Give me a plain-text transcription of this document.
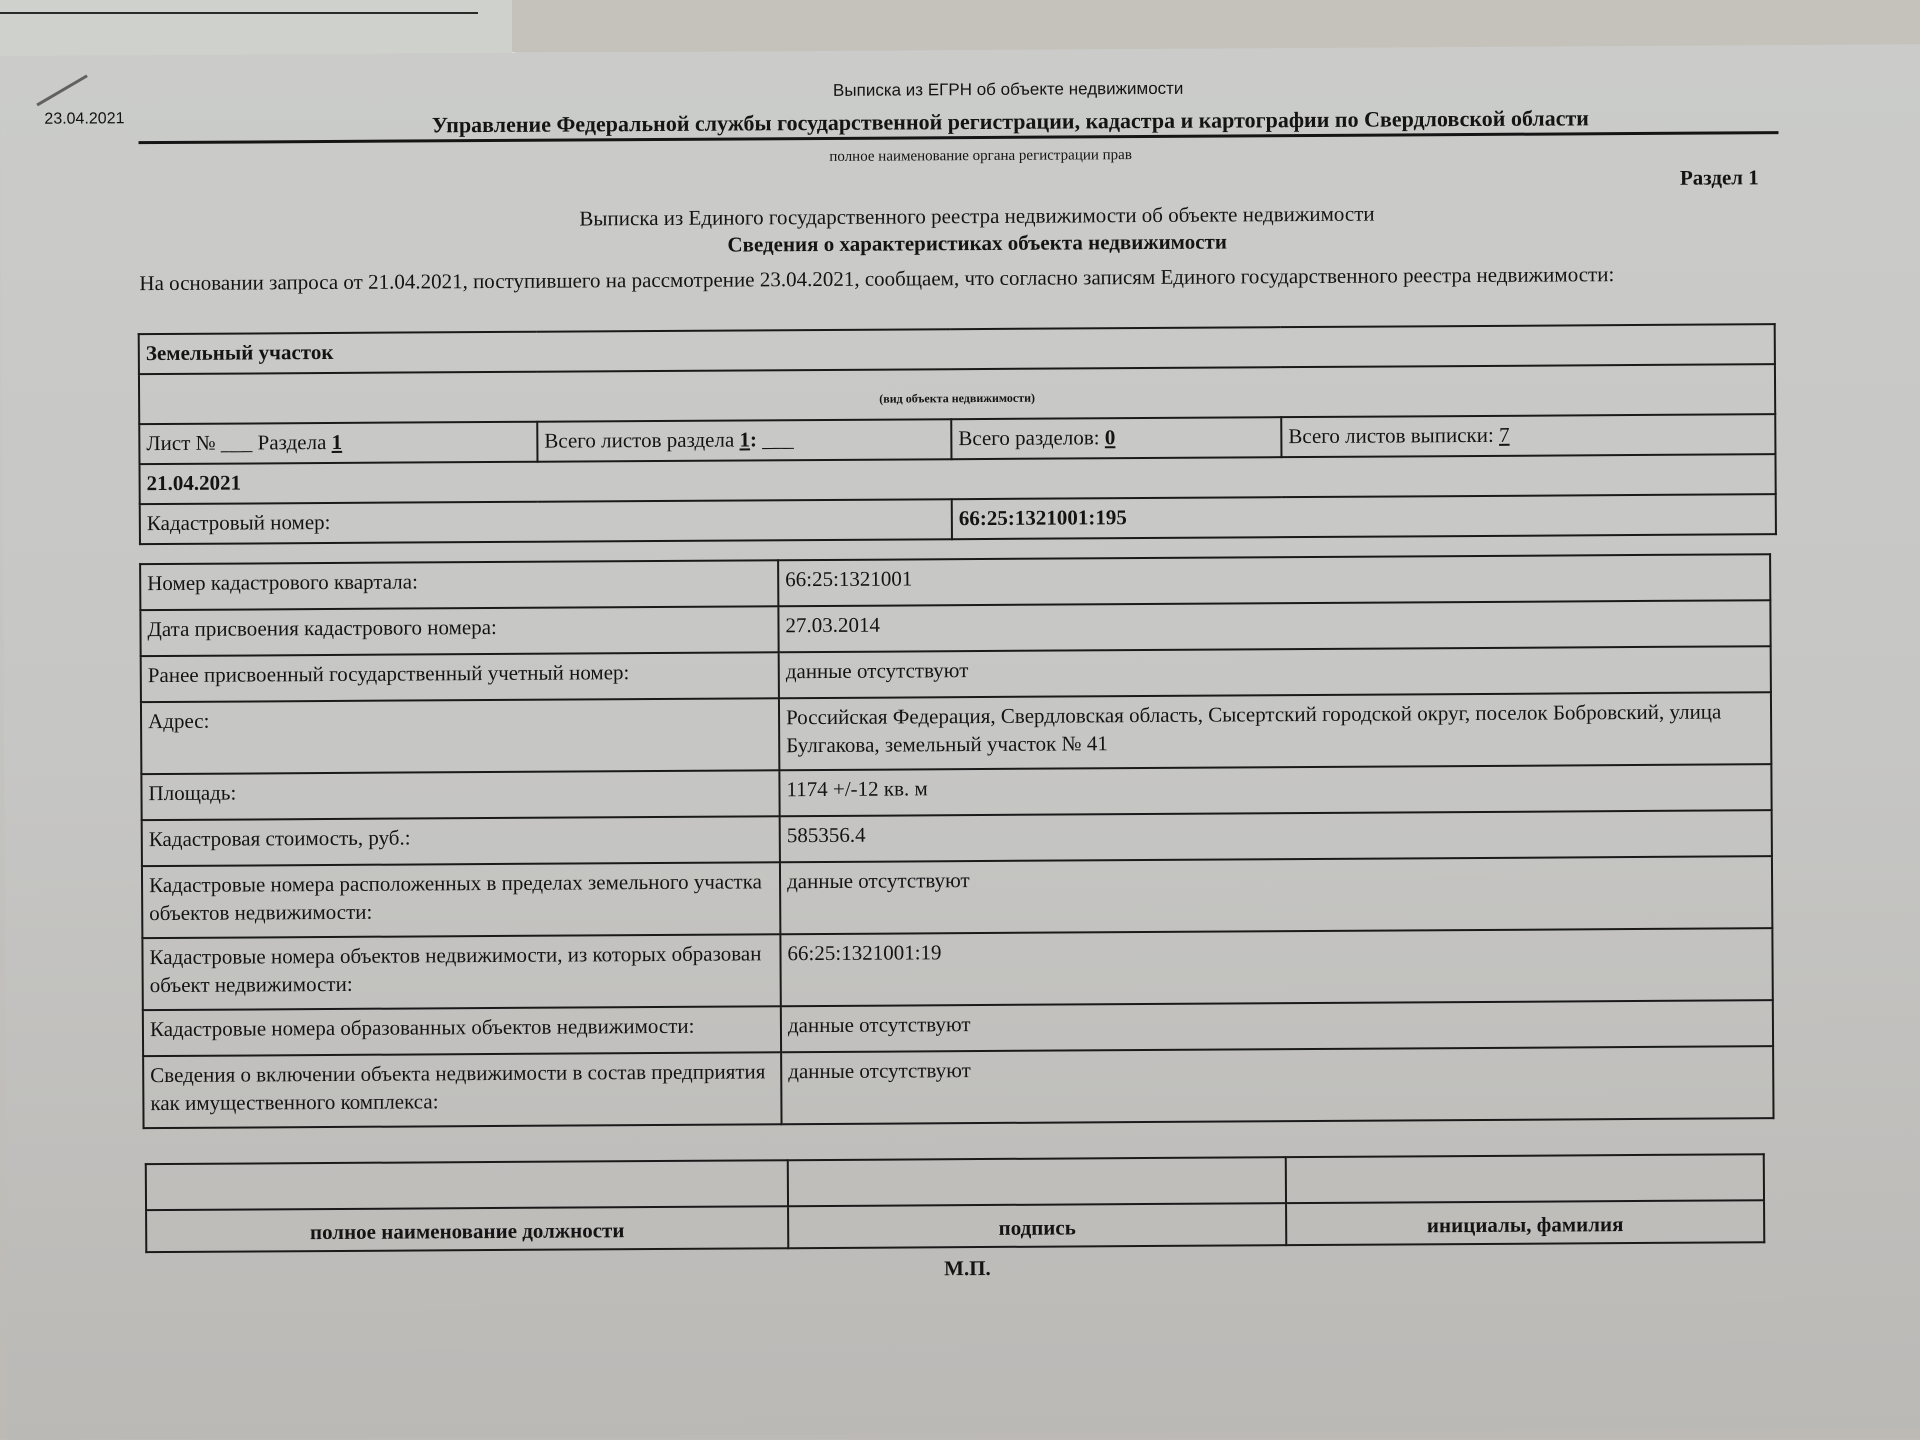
23.04.2021
Выписка из ЕГРН об объекте недвижимости
Управление Федеральной службы государственной регистрации, кадастра и картографии по Свердловской области
полное наименование органа регистрации прав
Раздел 1
Выписка из Единого государственного реестра недвижимости об объекте недвижимости
Сведения о характеристиках объекта недвижимости
На основании запроса от 21.04.2021, поступившего на рассмотрение 23.04.2021, сообщаем, что согласно записям Единого государственного реестра недвижимости:
Земельный участок			
(вид объекта недвижимости)			
Лист № ___ Раздела 1	Всего листов раздела 1: ___	Всего разделов: 0	Всего листов выписки: 7
21.04.2021			
Кадастровый номер:		66:25:1321001:195	
Номер кадастрового квартала:	66:25:1321001
Дата присвоения кадастрового номера:	27.03.2014
Ранее присвоенный государственный учетный номер:	данные отсутствуют
Адрес:	Российская Федерация, Свердловская область, Сысертский городской округ, поселок Бобровский, улица Булгакова, земельный участок № 41
Площадь:	1174 +/-12 кв. м
Кадастровая стоимость, руб.:	585356.4
Кадастровые номера расположенных в пределах земельного участка объектов недвижимости:	данные отсутствуют
Кадастровые номера объектов недвижимости, из которых образован объект недвижимости:	66:25:1321001:19
Кадастровые номера образованных объектов недвижимости:	данные отсутствуют
Сведения о включении объекта недвижимости в состав предприятия как имущественного комплекса:	данные отсутствуют

полное наименование должности	подпись	инициалы, фамилия
М.П.
